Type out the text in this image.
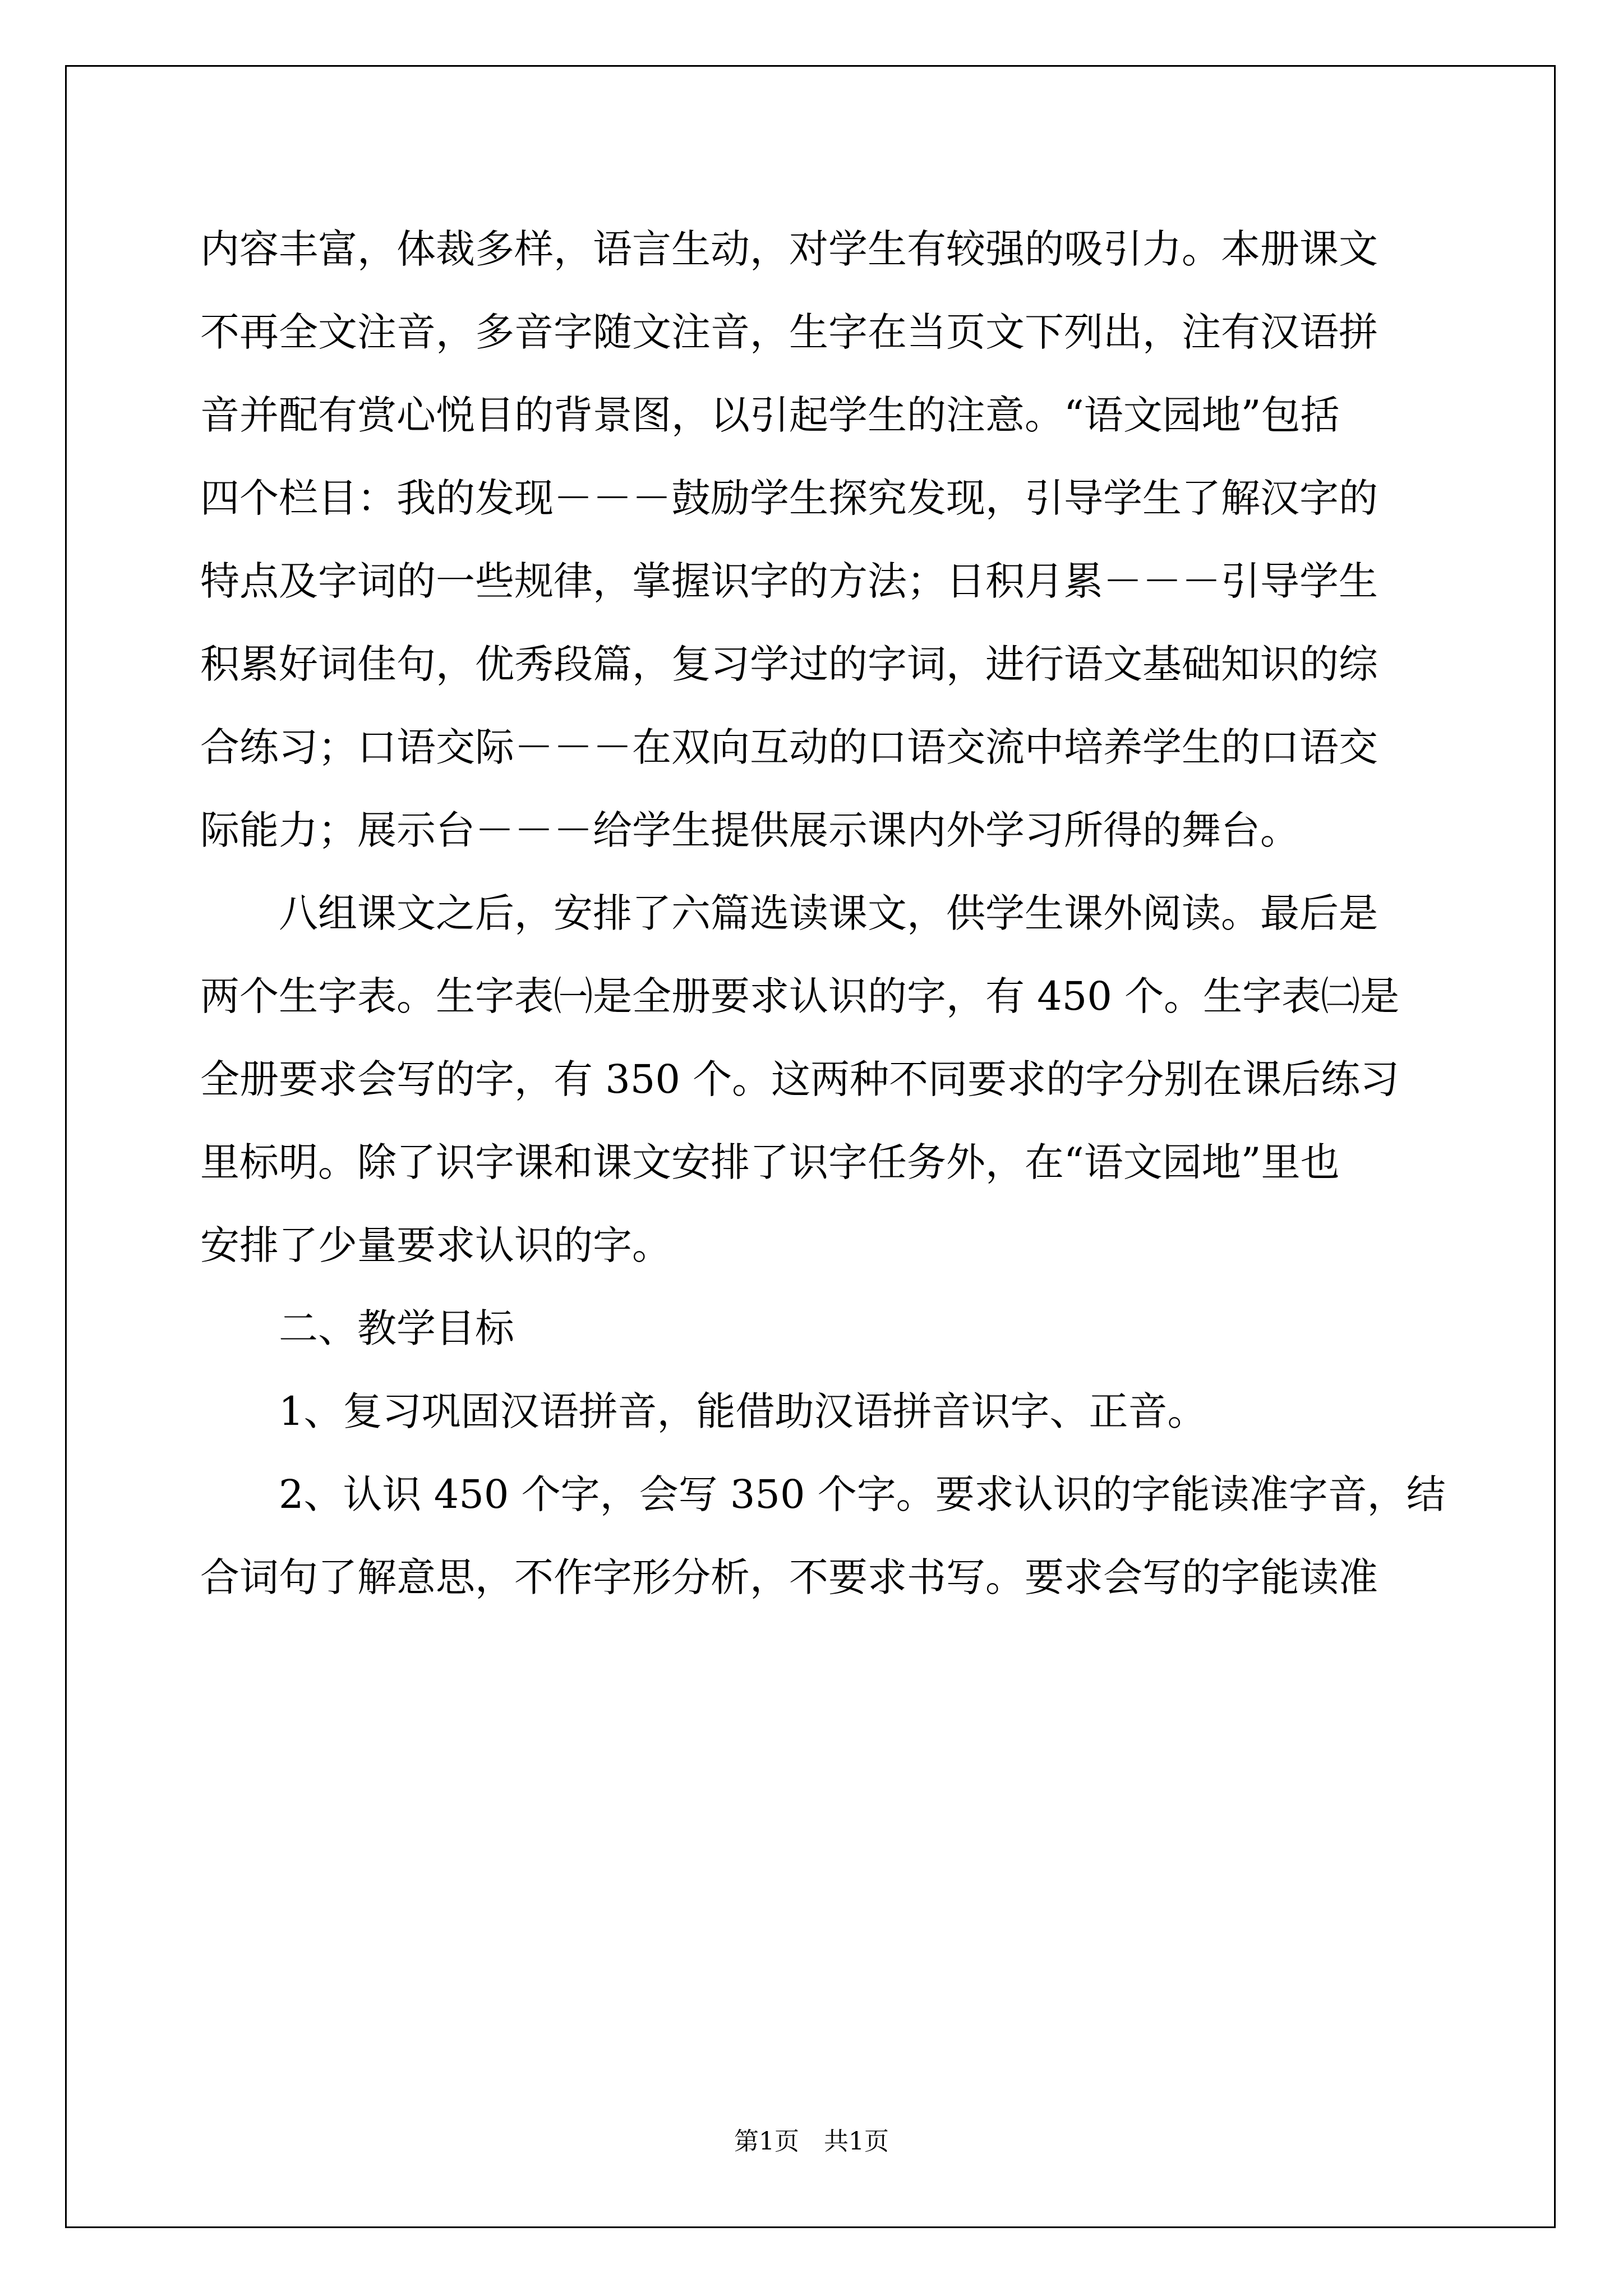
内容丰富，体裁多样，语言生动，对学生有较强的吸引力。本册课文
不再全文注音，多音字随文注音，生字在当页文下列出，注有汉语拼
音并配有赏心悦目的背景图，以引起学生的注意。“语文园地”包括
四个栏目：我的发现－－－鼓励学生探究发现，引导学生了解汉字的
特点及字词的一些规律，掌握识字的方法；日积月累－－－引导学生
积累好词佳句，优秀段篇，复习学过的字词，进行语文基础知识的综
合练习；口语交际－－－在双向互动的口语交流中培养学生的口语交
际能力；展示台－－－给学生提供展示课内外学习所得的舞台。
　　八组课文之后，安排了六篇选读课文，供学生课外阅读。最后是
两个生字表。生字表㈠是全册要求认识的字，有 450 个。生字表㈡是
全册要求会写的字，有 350 个。这两种不同要求的字分别在课后练习
里标明。除了识字课和课文安排了识字任务外，在“语文园地”里也
安排了少量要求认识的字。
　　二、教学目标
　　1、复习巩固汉语拼音，能借助汉语拼音识字、正音。
　　2、认识 450 个字，会写 350 个字。要求认识的字能读准字音，结
合词句了解意思，不作字形分析，不要求书写。要求会写的字能读准
第1页　共1页
